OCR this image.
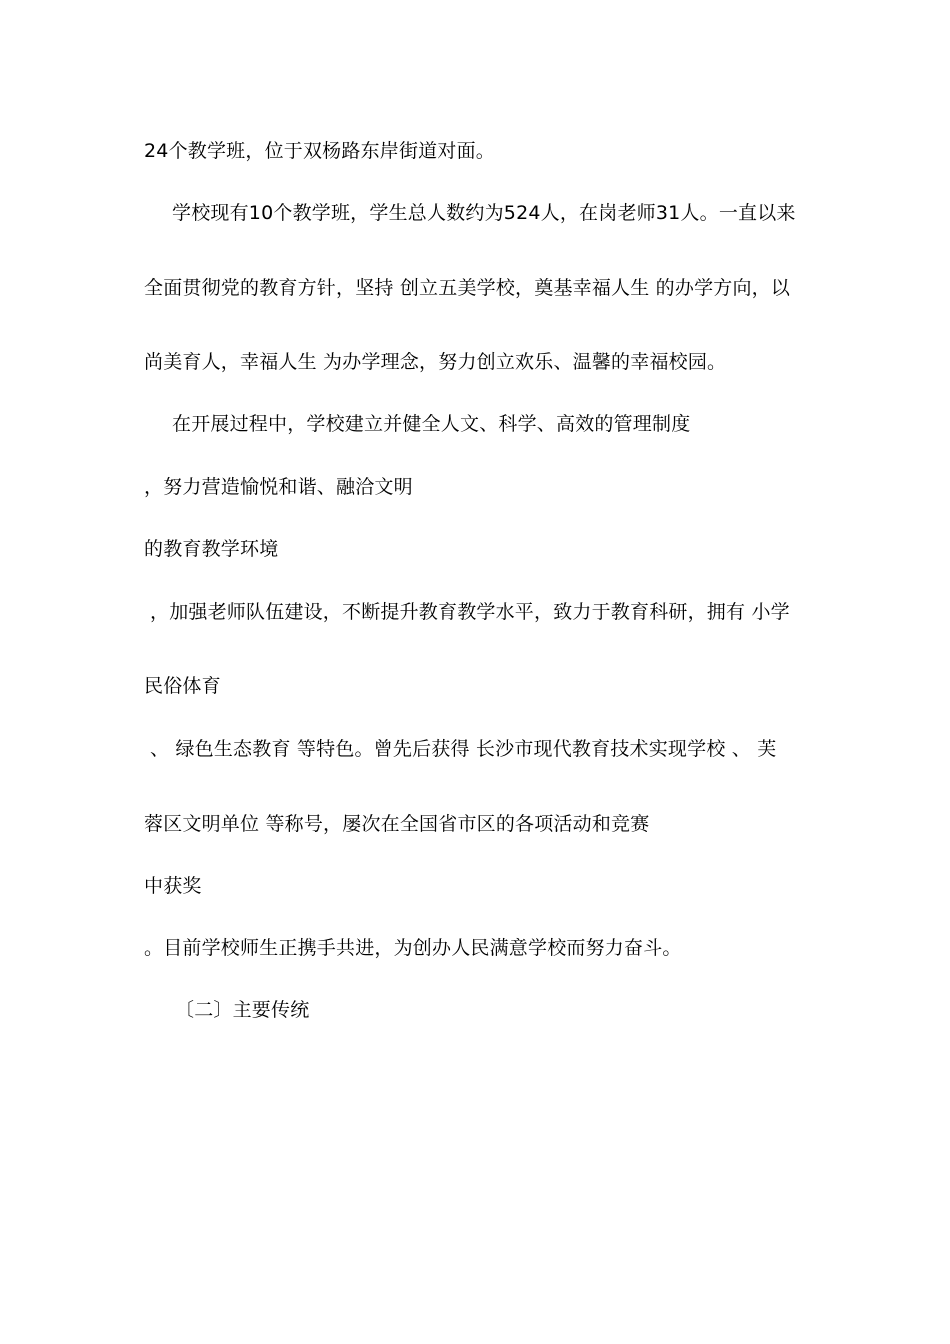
24个教学班，位于双杨路东岸街道对面。
学校现有10个教学班，学生总人数约为524人，在岗老师31人。一直以来
全面贯彻党的教育方针，坚持 创立五美学校，奠基幸福人生 的办学方向，以
尚美育人，幸福人生 为办学理念，努力创立欢乐、温馨的幸福校园。
在开展过程中，学校建立并健全人文、科学、高效的管理制度
，努力营造愉悦和谐、融洽文明
的教育教学环境
，加强老师队伍建设，不断提升教育教学水平，致力于教育科研，拥有 小学
民俗体育
、 绿色生态教育 等特色。曾先后获得 长沙市现代教育技术实现学校 、 芙
蓉区文明单位 等称号，屡次在全国省市区的各项活动和竞赛
中获奖
。目前学校师生正携手共进，为创办人民满意学校而努力奋斗。
〔二〕主要传统
